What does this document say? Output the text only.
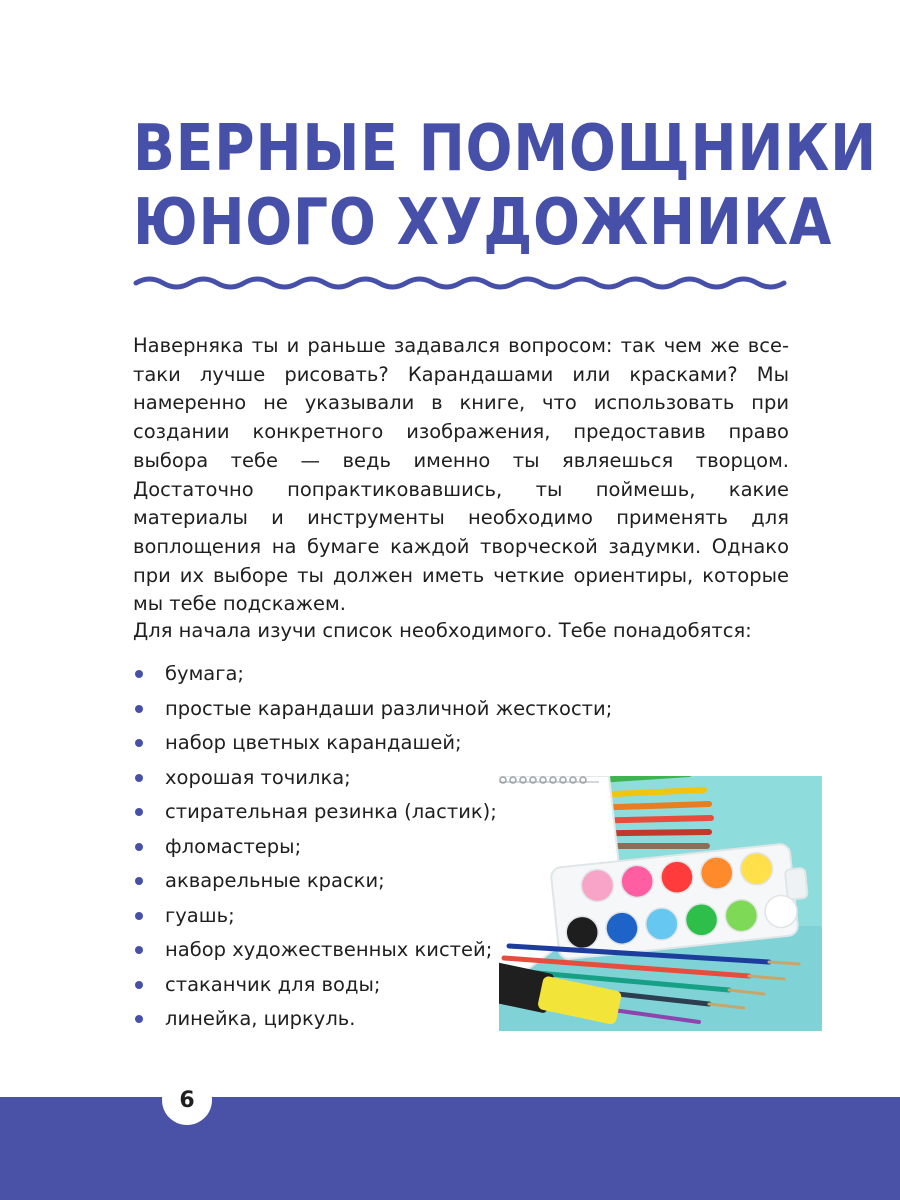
ВЕРНЫЕ ПОМОЩНИКИ
ЮНОГО ХУДОЖНИКА

Наверняка ты и раньше задавался вопросом: так чем же все-таки лучше рисовать? Карандашами или красками? Мы намеренно не указывали в книге, что использовать при создании конкретного изображения, предоставив право выбора тебе — ведь именно ты являешься творцом. Достаточно попрактиковавшись, ты поймешь, какие материалы и инструменты необходимо применять для воплощения на бумаге каждой творческой задумки. Однако при их выборе ты должен иметь четкие ориентиры, которые мы тебе подскажем.

Для начала изучи список необходимого. Тебе понадобятся:

бумага;
простые карандаши различной жесткости;
набор цветных карандашей;
хорошая точилка;
стирательная резинка (ластик);
фломастеры;
акварельные краски;
гуашь;
набор художественных кистей;
стаканчик для воды;
линейка, циркуль.
6
